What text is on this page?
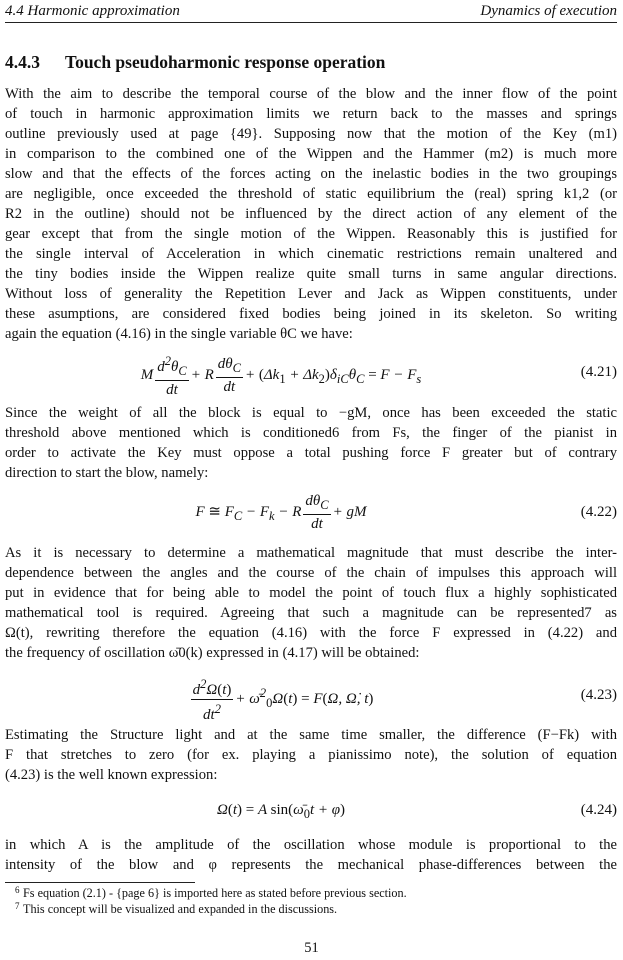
4.4 Harmonic approximation	Dynamics of execution
4.4.3 Touch pseudoharmonic response operation
With the aim to describe the temporal course of the blow and the inner flow of the point
of touch in harmonic approximation limits we return back to the masses and springs
outline previously used at page {49}. Supposing now that the motion of the Key (m1)
in comparison to the combined one of the Wippen and the Hammer (m2) is much more
slow and that the effects of the forces acting on the inelastic bodies in the two groupings
are negligible, once exceeded the threshold of static equilibrium the (real) spring k1,2 (or
R2 in the outline) should not be influenced by the direct action of any element of the
gear except that from the single motion of the Wippen. Reasonably this is justified for
the single interval of Acceleration in which cinematic restrictions remain unaltered and
the tiny bodies inside the Wippen realize quite small turns in same angular directions.
Without loss of generality the Repetition Lever and Jack as Wippen constituents, under
these asumptions, are considered fixed bodies being joined in its skeleton. So writing
again the equation (4.16) in the single variable θC we have:
M $\frac{d^2\theta_C}{dt} + R \frac{d\theta_C}{dt} + (\Delta k_1 + \Delta k_2)\delta_{iC}\theta_C = F - F_s$	(4.21)
Since the weight of all the block is equal to −gM, once has been exceeded the static
threshold above mentioned which is conditioned6 from Fs, the finger of the pianist in
order to activate the Key must oppose a total pushing force F greater but of contrary
direction to start the blow, namely:
F ≅ $F_C - F_k - R \frac{d\theta_C}{dt}$ + gM	(4.22)
As it is necessary to determine a mathematical magnitude that must describe the inter-
dependence between the angles and the course of the chain of impulses this approach will
put in evidence that for being able to model the point of touch flux a highly sophisticated
mathematical tool is required. Agreeing that such a magnitude can be represented7 as
Ω(t), rewriting therefore the equation (4.16) with the force F expressed in (4.22) and
the frequency of oscillation ω̄0(k) expressed in (4.17) will be obtained:
$\frac{d^2\Omega(t)}{dt^2}$ + ω̄$^2_0$Ω(t) = F(Ω, Ω̇, t)	(4.23)
Estimating the Structure light and at the same time smaller, the difference (F−Fk) with
F that stretches to zero (for ex. playing a pianissimo note), the solution of equation
(4.23) is the well known expression:
Ω(t) = A $\sin(\omegā_0t + \varphi)$	(4.24)
in which A is the amplitude of the oscillation whose module is proportional to the
intensity of the blow and φ represents the mechanical phase-differences between the
6 Fs equation (2.1) - {page 6} is imported here as stated before previous section.
7 This concept will be visualized and expanded in the discussions.
51
